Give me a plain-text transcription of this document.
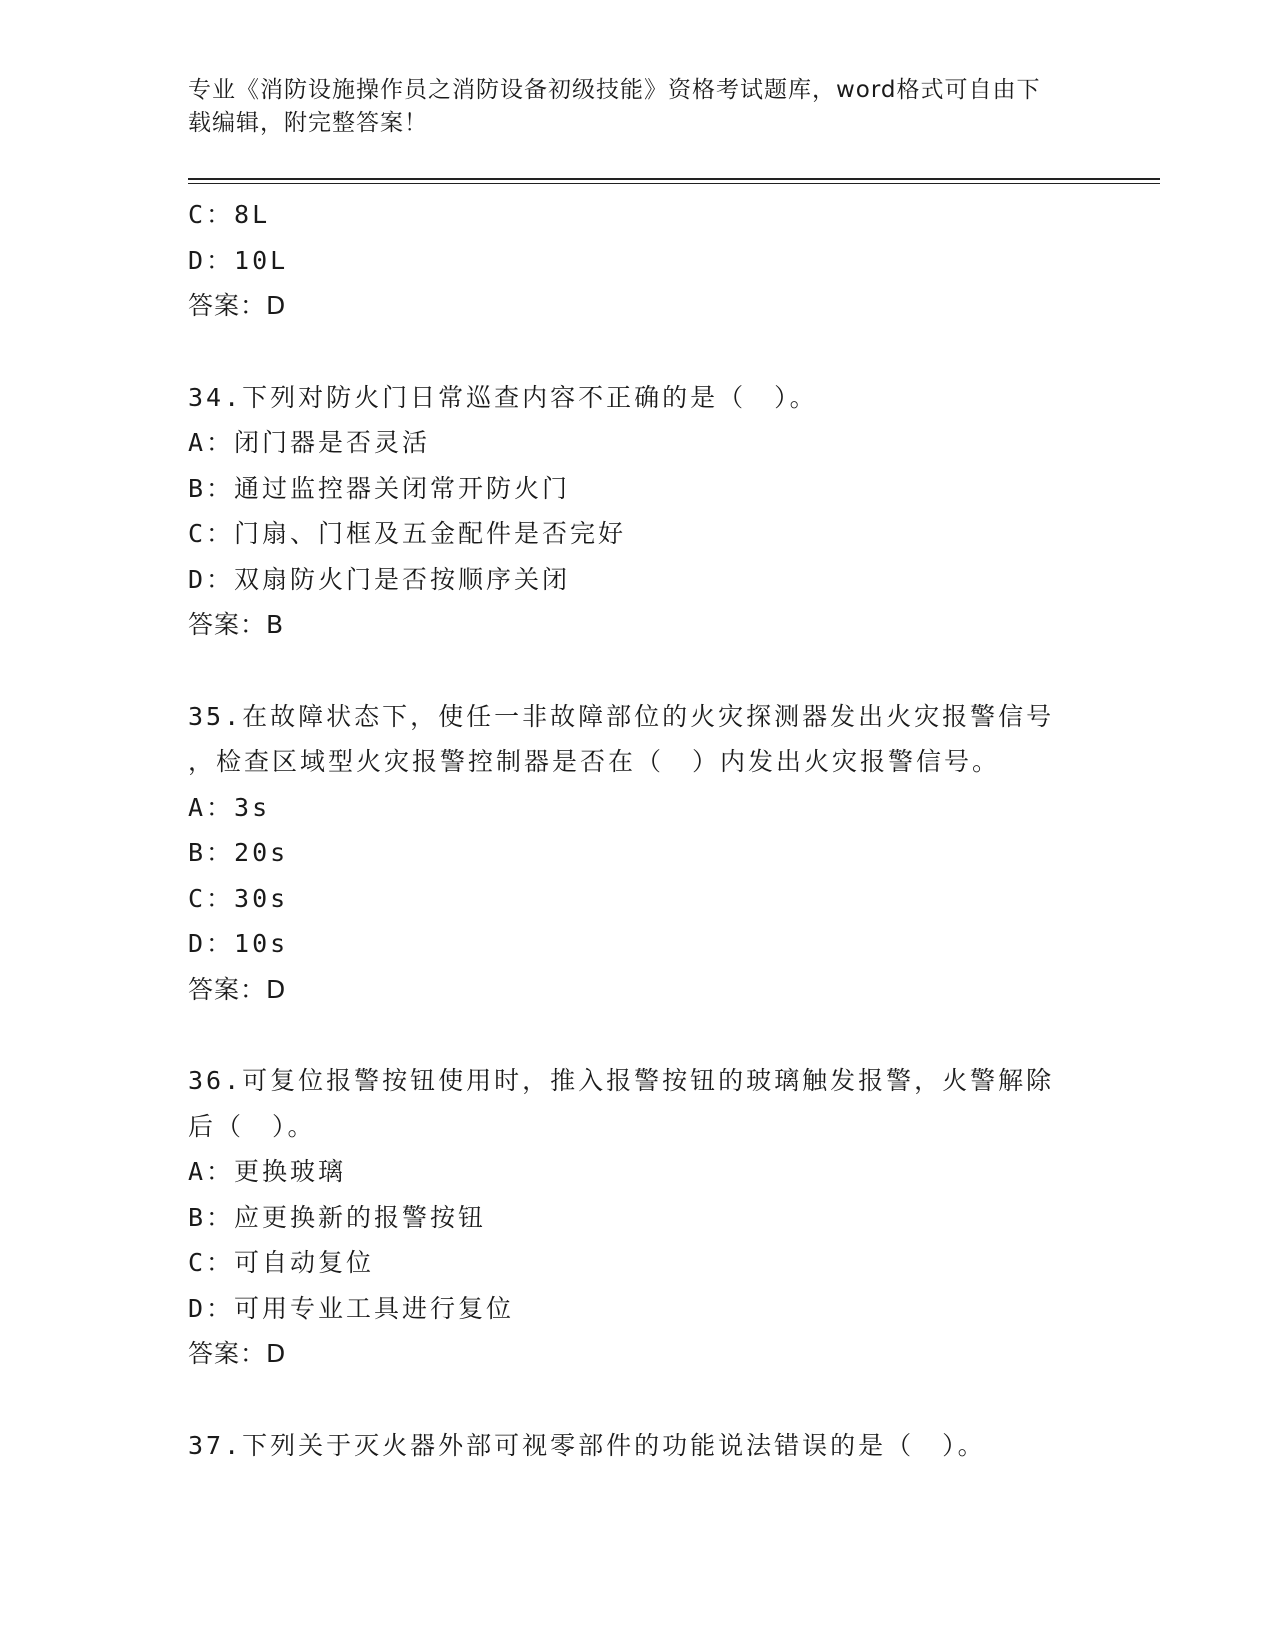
专业《消防设施操作员之消防设备初级技能》资格考试题库，word格式可自由下
载编辑，附完整答案！
C：8L
D：10L
答案：D
34.下列对防火门日常巡查内容不正确的是（　）。
A：闭门器是否灵活
B：通过监控器关闭常开防火门
C：门扇、门框及五金配件是否完好
D：双扇防火门是否按顺序关闭
答案：B
35.在故障状态下，使任一非故障部位的火灾探测器发出火灾报警信号
，检查区域型火灾报警控制器是否在（　）内发出火灾报警信号。
A：3s
B：20s
C：30s
D：10s
答案：D
36.可复位报警按钮使用时，推入报警按钮的玻璃触发报警，火警解除
后（　）。
A：更换玻璃
B：应更换新的报警按钮
C：可自动复位
D：可用专业工具进行复位
答案：D
37.下列关于灭火器外部可视零部件的功能说法错误的是（　）。
